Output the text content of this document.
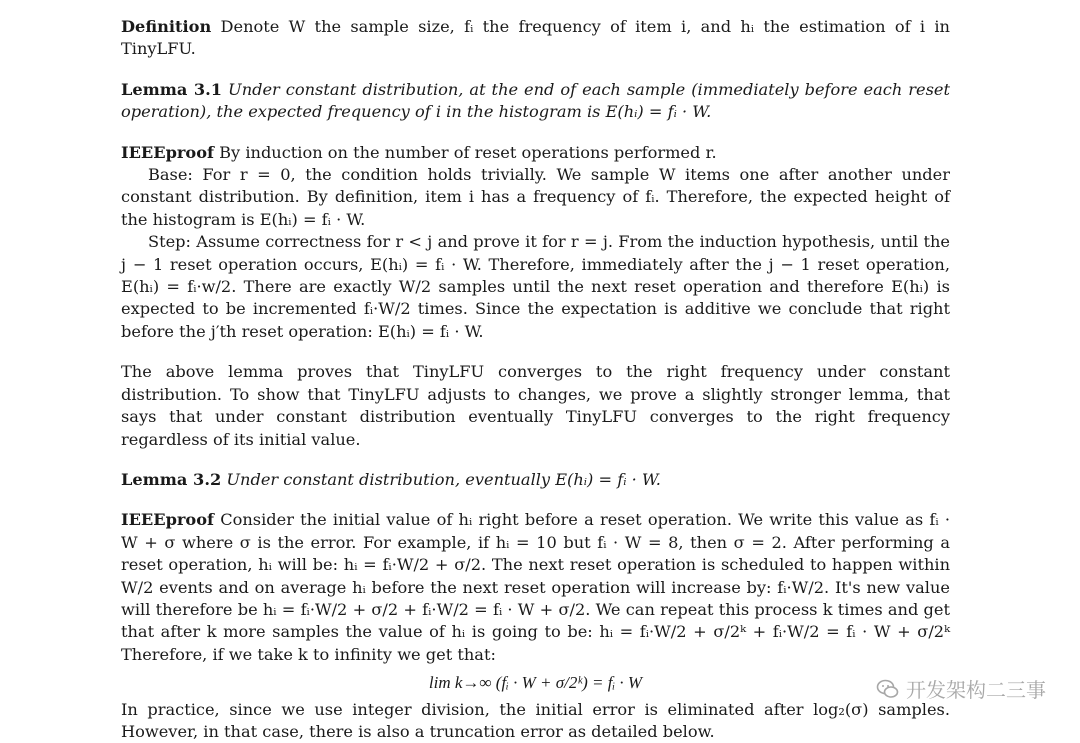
Definition Denote W the sample size, fᵢ the frequency of item i, and hᵢ the estimation of i in TinyLFU.

Lemma 3.1 Under constant distribution, at the end of each sample (immediately before each reset operation), the expected frequency of i in the histogram is E(hᵢ) = fᵢ · W.

IEEEproof By induction on the number of reset operations performed r.

Base: For r = 0, the condition holds trivially. We sample W items one after another under constant distribution. By definition, item i has a frequency of fᵢ. Therefore, the expected height of the histogram is E(hᵢ) = fᵢ · W.

Step: Assume correctness for r < j and prove it for r = j. From the induction hypothesis, until the j − 1 reset operation occurs, E(hᵢ) = fᵢ · W. Therefore, immediately after the j − 1 reset operation, E(hᵢ) = fᵢ·w/2. There are exactly W/2 samples until the next reset operation and therefore E(hᵢ) is expected to be incremented fᵢ·W/2 times. Since the expectation is additive we conclude that right before the j′th reset operation: E(hᵢ) = fᵢ · W.

The above lemma proves that TinyLFU converges to the right frequency under constant distribution. To show that TinyLFU adjusts to changes, we prove a slightly stronger lemma, that says that under constant distribution eventually TinyLFU converges to the right frequency regardless of its initial value.

Lemma 3.2 Under constant distribution, eventually E(hᵢ) = fᵢ · W.

IEEEproof Consider the initial value of hᵢ right before a reset operation. We write this value as fᵢ · W + σ where σ is the error. For example, if hᵢ = 10 but fᵢ · W = 8, then σ = 2. After performing a reset operation, hᵢ will be: hᵢ = fᵢ·W/2 + σ/2. The next reset operation is scheduled to happen within W/2 events and on average hᵢ before the next reset operation will increase by: fᵢ·W/2. It's new value will therefore be hᵢ = fᵢ·W/2 + σ/2 + fᵢ·W/2 = fᵢ · W + σ/2. We can repeat this process k times and get that after k more samples the value of hᵢ is going to be: hᵢ = fᵢ·W/2 + σ/2ᵏ + fᵢ·W/2 = fᵢ · W + σ/2ᵏ Therefore, if we take k to infinity we get that:

lim k→∞ (fᵢ · W + σ/2ᵏ) = fᵢ · W

In practice, since we use integer division, the initial error is eliminated after log₂(σ) samples. However, in that case, there is also a truncation error as detailed below.

开发架构二三事
